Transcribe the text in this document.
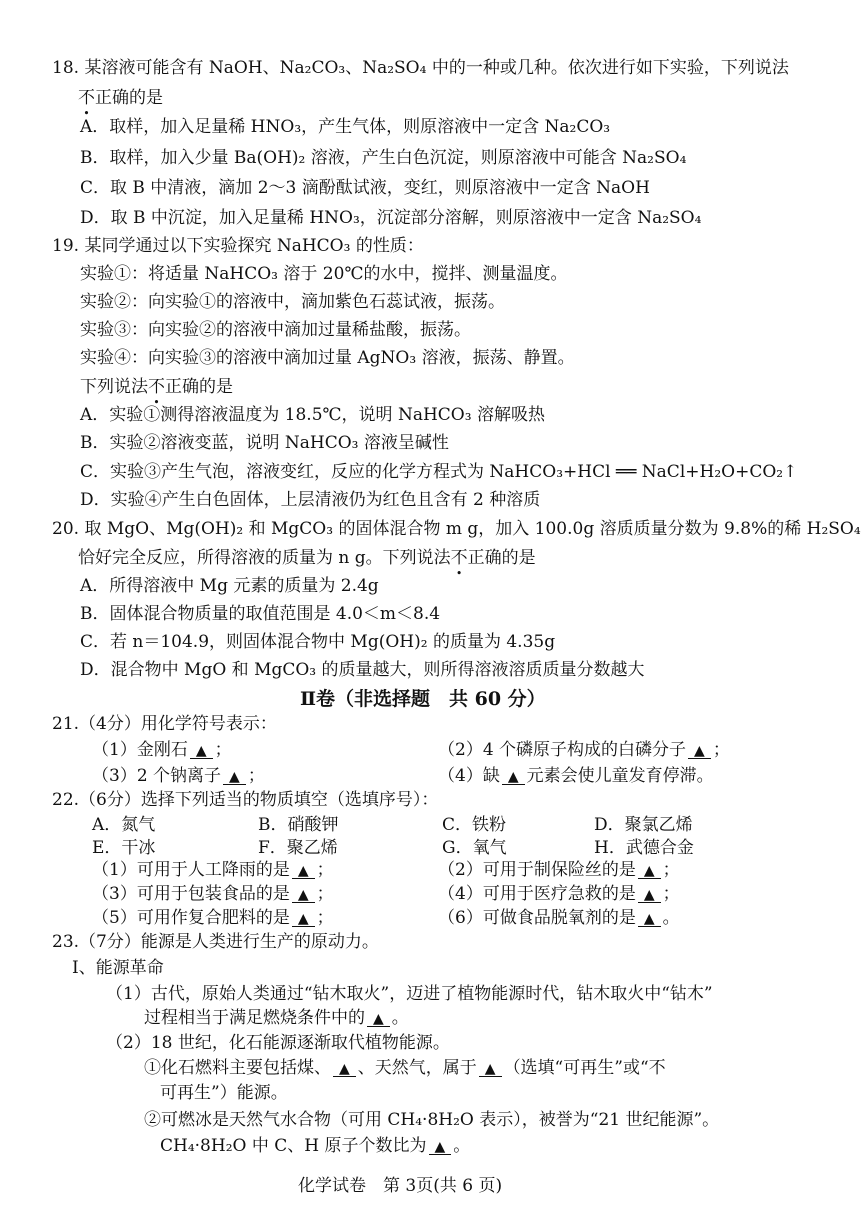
18. 某溶液可能含有 NaOH、Na₂CO₃、Na₂SO₄ 中的一种或几种。依次进行如下实验，下列说法
不正确的是
A．取样，加入足量稀 HNO₃，产生气体，则原溶液中一定含 Na₂CO₃
B．取样，加入少量 Ba(OH)₂ 溶液，产生白色沉淀，则原溶液中可能含 Na₂SO₄
C．取 B 中清液，滴加 2～3 滴酚酞试液，变红，则原溶液中一定含 NaOH
D．取 B 中沉淀，加入足量稀 HNO₃，沉淀部分溶解，则原溶液中一定含 Na₂SO₄
19. 某同学通过以下实验探究 NaHCO₃ 的性质：
实验①：将适量 NaHCO₃ 溶于 20℃的水中，搅拌、测量温度。
实验②：向实验①的溶液中，滴加紫色石蕊试液，振荡。
实验③：向实验②的溶液中滴加过量稀盐酸，振荡。
实验④：向实验③的溶液中滴加过量 AgNO₃ 溶液，振荡、静置。
下列说法不正确的是
A．实验①测得溶液温度为 18.5℃，说明 NaHCO₃ 溶解吸热
B．实验②溶液变蓝，说明 NaHCO₃ 溶液呈碱性
C．实验③产生气泡，溶液变红，反应的化学方程式为 NaHCO₃+HCl ══ NaCl+H₂O+CO₂↑
D．实验④产生白色固体，上层清液仍为红色且含有 2 种溶质
20. 取 MgO、Mg(OH)₂ 和 MgCO₃ 的固体混合物 m g，加入 100.0g 溶质质量分数为 9.8%的稀 H₂SO₄
恰好完全反应，所得溶液的质量为 n g。下列说法不正确的是
A．所得溶液中 Mg 元素的质量为 2.4g
B．固体混合物质量的取值范围是 4.0＜m＜8.4
C．若 n＝104.9，则固体混合物中 Mg(OH)₂ 的质量为 4.35g
D．混合物中 MgO 和 MgCO₃ 的质量越大，则所得溶液溶质质量分数越大
Ⅱ卷（非选择题　共 60 分）
21.（4分）用化学符号表示：
（1）金刚石 ▲ ；	（2）4 个磷原子构成的白磷分子 ▲ ；
（3）2 个钠离子 ▲ ；	（4）缺 ▲ 元素会使儿童发育停滞。
22.（6分）选择下列适当的物质填空（选填序号）：
A．氮气	B．硝酸钾	C．铁粉	D．聚氯乙烯
E．干冰	F．聚乙烯	G．氧气	H．武德合金
（1）可用于人工降雨的是 ▲ ；	（2）可用于制保险丝的是 ▲ ；
（3）可用于包装食品的是 ▲ ；	（4）可用于医疗急救的是 ▲ ；
（5）可用作复合肥料的是 ▲ ；	（6）可做食品脱氧剂的是 ▲ 。
23.（7分）能源是人类进行生产的原动力。
Ⅰ、能源革命
（1）古代，原始人类通过“钻木取火”，迈进了植物能源时代，钻木取火中“钻木”
过程相当于满足燃烧条件中的 ▲ 。
（2）18 世纪，化石能源逐渐取代植物能源。
①化石燃料主要包括煤、 ▲ 、天然气，属于 ▲ （选填“可再生”或“不
可再生”）能源。
②可燃冰是天然气水合物（可用 CH₄·8H₂O 表示），被誉为“21 世纪能源”。
CH₄·8H₂O 中 C、H 原子个数比为 ▲ 。
化学试卷　第 3页(共 6 页)
